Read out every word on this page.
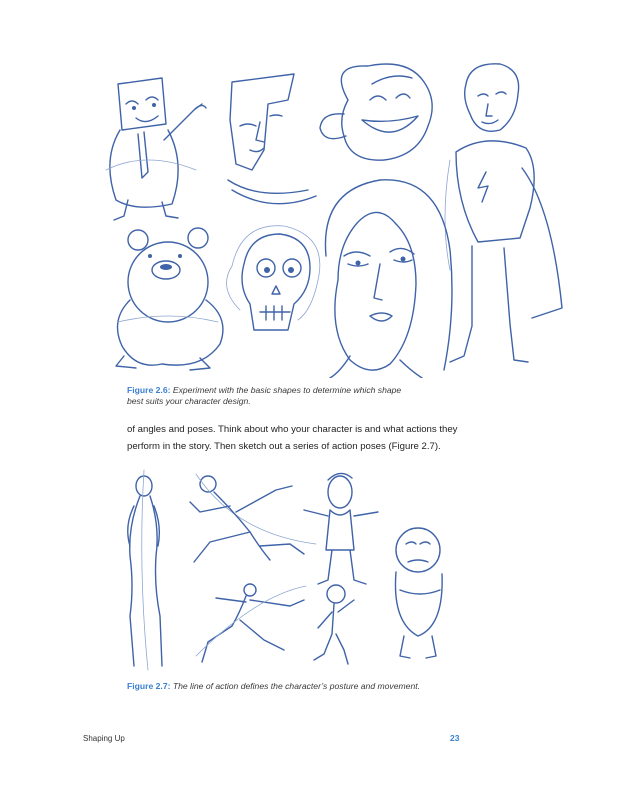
Figure 2.6: Experiment with the basic shapes to determine which shape
best suits your character design.
of angles and poses. Think about who your character is and what actions they
perform in the story. Then sketch out a series of action poses (Figure 2.7).
Figure 2.7: The line of action defines the character’s posture and movement.
Shaping Up	23
